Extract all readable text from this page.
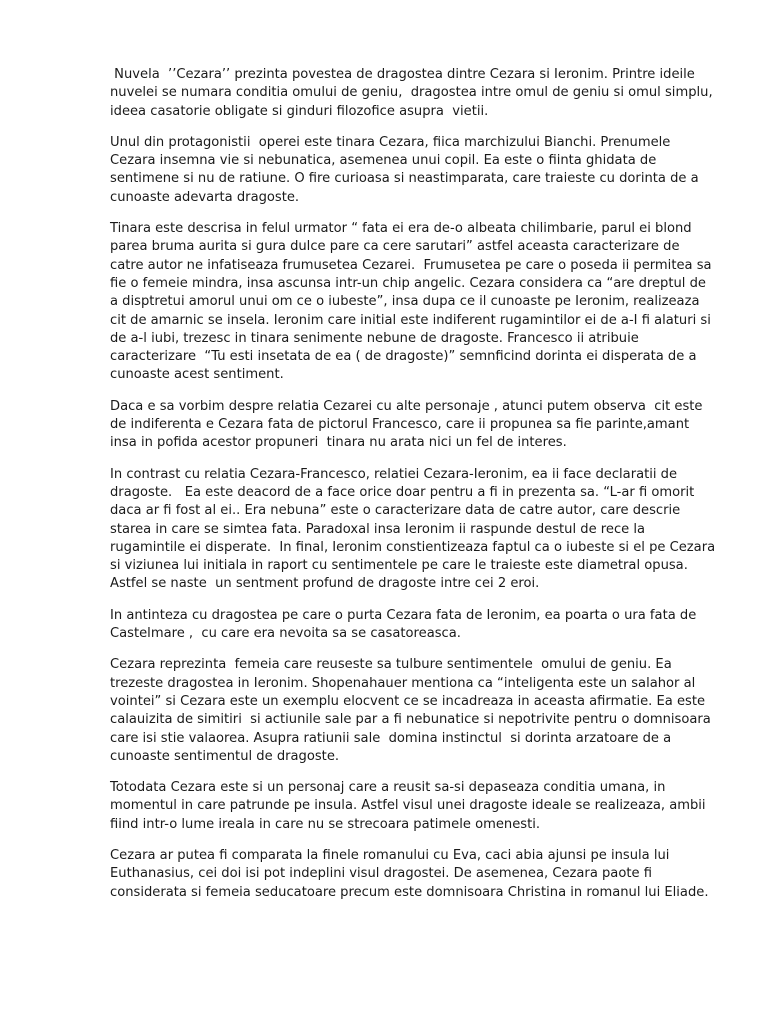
Nuvela  ’’Cezara’’ prezinta povestea de dragostea dintre Cezara si Ieronim. Printre ideile nuvelei se numara conditia omului de geniu,  dragostea intre omul de geniu si omul simplu,  ideea casatorie obligate si ginduri filozofice asupra  vietii.

Unul din protagonistii  operei este tinara Cezara, fiica marchizului Bianchi. Prenumele Cezara insemna vie si nebunatica, asemenea unui copil. Ea este o fiinta ghidata de sentimene si nu de ratiune. O fire curioasa si neastimparata, care traieste cu dorinta de a cunoaste adevarta dragoste.

Tinara este descrisa in felul urmator “ fata ei era de-o albeata chilimbarie, parul ei blond parea bruma aurita si gura dulce pare ca cere sarutari” astfel aceasta caracterizare de catre autor ne infatiseaza frumusetea Cezarei.  Frumusetea pe care o poseda ii permitea sa fie o femeie mindra, insa ascunsa intr-un chip angelic. Cezara considera ca “are dreptul de a disptretui amorul unui om ce o iubeste”, insa dupa ce il cunoaste pe Ieronim, realizeaza cit de amarnic se insela. Ieronim care initial este indiferent rugamintilor ei de a-I fi alaturi si de a-l iubi, trezesc in tinara senimente nebune de dragoste. Francesco ii atribuie caracterizare  “Tu esti insetata de ea ( de dragoste)” semnficind dorinta ei disperata de a cunoaste acest sentiment.

Daca e sa vorbim despre relatia Cezarei cu alte personaje , atunci putem observa  cit este de indiferenta e Cezara fata de pictorul Francesco, care ii propunea sa fie parinte,amant insa in pofida acestor propuneri  tinara nu arata nici un fel de interes.

In contrast cu relatia Cezara-Francesco, relatiei Cezara-Ieronim, ea ii face declaratii de dragoste.   Ea este deacord de a face orice doar pentru a fi in prezenta sa. “L-ar fi omorit daca ar fi fost al ei.. Era nebuna” este o caracterizare data de catre autor, care descrie starea in care se simtea fata. Paradoxal insa Ieronim ii raspunde destul de rece la rugamintile ei disperate.  In final, Ieronim constientizeaza faptul ca o iubeste si el pe Cezara si viziunea lui initiala in raport cu sentimentele pe care le traieste este diametral opusa. Astfel se naste  un sentment profund de dragoste intre cei 2 eroi.

In antinteza cu dragostea pe care o purta Cezara fata de Ieronim, ea poarta o ura fata de Castelmare ,  cu care era nevoita sa se casatoreasca.

Cezara reprezinta  femeia care reuseste sa tulbure sentimentele  omului de geniu. Ea trezeste dragostea in Ieronim. Shopenahauer mentiona ca “inteligenta este un salahor al vointei” si Cezara este un exemplu elocvent ce se incadreaza in aceasta afirmatie. Ea este calauizita de simitiri  si actiunile sale par a fi nebunatice si nepotrivite pentru o domnisoara care isi stie valaorea. Asupra ratiunii sale  domina instinctul  si dorinta arzatoare de a cunoaste sentimentul de dragoste.

Totodata Cezara este si un personaj care a reusit sa-si depaseaza conditia umana, in momentul in care patrunde pe insula. Astfel visul unei dragoste ideale se realizeaza, ambii fiind intr-o lume ireala in care nu se strecoara patimele omenesti.

Cezara ar putea fi comparata la finele romanului cu Eva, caci abia ajunsi pe insula lui Euthanasius, cei doi isi pot indeplini visul dragostei. De asemenea, Cezara paote fi considerata si femeia seducatoare precum este domnisoara Christina in romanul lui Eliade.
